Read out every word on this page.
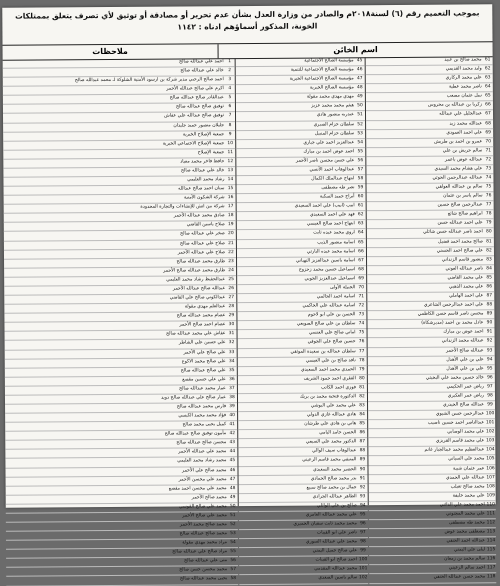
بموجب التعميم رقم (٦) لسنة٢٠١٨م والصادر من وزارة العدل بشأن عدم تحرير أو مصادقة أو توثيق لأي تصرف يتعلق بممتلكات
الخونة، المذكور أسماؤهم ادناه : ١١٤٢
اسم الخائن
ملاحظات
61
محمد صالح بن عبيد
62
وليد محمد القديمي
63
علي محمد الركاري
64
ناصر محمد عطية
65
نبيل عثمان مصعب
66
زكريا بن عبدالله بن محروس
67
عبدالجليل علي عبدالله
68
عبدالله محمد زيد
69
علي احمد العمودي
70
عمرو بن احمد بن طريش
71
سالم حريش بن علي
72
عبدالله عوض باعمر
73
علي هشام محمد السيدي
74
عبدالله عبدالرحمن الحوثي
75
سالم بن عبدالله العولقي
76
سالم ياسر بن عثمان
77
عبدالرحمن صالح حسين
78
ابراهيم صالح شائع
79
علي احمد عبدالله حسن
80
احمد ناصر عبدالله حسن شائلي
81
صالح محمد احمد فضيل
82
علي صالح احمد الحسني
83
منصور قاسم الزنداني
84
ناصر عبدالله العوني
85
علي محمد القاضي
86
علي محمد الذهبي
87
علي احمد الهاملي
88
علي احمد عبدالرحمن الشاعري
89
محسن ناصر قاسم حسن الكاظمي
90
عادل محمد بن احمد (مديرشكاة)
91
احمد عوض بن مبارك
92
عبدالله محمد الزنداني
93
عبدالله صالح الأحمر
94
علي بن علي الأهدل
95
علي بن علي الأهدل
96
خالد حسين محمد علي البخيتي
97
رياض عمر الحكيمي
98
رياض عمر العكبري
99
عبدالله صالح الحيدري
100
عبدالرحمن حسن الشيوي
101
عبدالناصر احمد حسين ناصيب
102
علي محمد الوصابي
103
علي محمد قاسم القريزي
104
عبدالعظيم محمد عبدالجبار غانم
105
محمد علي السياني
106
عمر عثمان شيبة
107
عبدالله علي الحمدي
108
محمد صالح تغيلب
109
علي محمد خليفة
110
احمد محمد علي الدائني
111
علي محمد المجنوني
112
محمد طه مصطفى
113
مصطفى محمد عوض
114
عبدالله احمد الحنفي
115
ليلى علي اليمني
116
سالم محمد بن زمعان
117
احمد سالم الرعيني
118
محمد حسن عبدالله الحنفي
45
مؤسسة الصالح الاجتماعية
46
مؤسسة الصالح الاجتماعية للتنمية
47
مؤسسة الصالح الاجتماعية الخيرية
48
مؤسسة الصالح الخيرية
49
مهدي مهدي محمد مقولة
50
هيثم محمد محمد عزيز
51
عبدربه منصور هادي
52
سلطان حزام الصبري
53
سلطان حزام المنبيل
54
عبدالعزيز احمد علي جباري
55
احمد عوض احمد بن مبارك
56
علي حسن محسن ناصر الأحمر
57
عبدالوهاب احمد الآنسي
58
ابتهاج عبدالملك الكمال
59
نصر طه مصطفى
60
أبراج حميد السكبة
61
ابيب (ابيب) علي احمد السعيدي
62
فهد علي احمد السعيدي
63
ابتهاج احمد صالح العيسي
64
اروي محمد عبده ثابت
65
اسامة منصور الذيب
66
اسامة محمد عبده البارتي
67
اسامة ياسين عبدالعزيز النهباني
68
اسماعيل حسين محمد زحزوح
69
اسماعيل عبدالعزيز الجوبي
70
الجبيلة الأولى
71
اسامة احمد الحالمي
72
اسامة عبدالله علي الحاكمي
73
الحسن ين علي ابو لاحوم
74
سلطان ين علي صالح الصويعي
75
اماني صالح علي العنسي
76
حسين صالح علي الجوفي
77
سلطان عبدالله ين سعيدة الموثقي
78
نافد صالح بن علي العيسي
79
الحمدي محمد احمد السعيدي
80
الفقري احمد حمود الشريف
81
فوزي احمد الكاتب
82
الدكتورة فتحية محمد بن بريك
83
علي محمد علي البوشي
84
هادي عبدالله غازي الدولي
85
هاني بن هادي علي طرشان
86
الحسن حامد اليامي
87
الدكتور محمد علي السبعي
88
عبدالوهاب سيف الوالي
89
المنيفي محمد قاسم الرعيني
90
الحضير محمد السعيدي
91
بدر محمد صالح الحمادي
92
جمال ين محمد صالح سبيع
93
الطاهر عبدالله الجرادي
94
صالح بن علي الوائلي
95
علي محمد عبدالله العامري
96
محمد محمد ثابت سفيان الحميري
97
ناصر علي ابو القيبات
98
محمد علي عبدالله السوري
99
علي صالح جميل اليمني
100
احمد صالح ابو القيبات
101
محمد عبدالله المقدمي
102
سالم ياسين الصعدي
1
احمد علي عبدالله صالح
2
خالد علي عبدالله صالح
3
احمد صالح الرحبي مدير شركة بن ارسود الأمنية الشلوكة لـ محمد عبدالله صالح
4
اكرم علي صالح عبدالله الأحمر
5
عبدالقادر صالح عبدالله صالح
6
توفيق صالح عبدالله صالح
7
توفيق صالح عبدالله علي عفاش
8
جليلان منصور حميد جليدان
9
جمعية الإصلاح الخيرية
10
جمعية الإصلاح الاجتماعي الخيرية
11
جمعية الإصلاح
12
حافظ فاخر محمد معياد
13
خالد علي عبدالله صالح
14
رشاد محمد العليمي
15
سنان احمد صالح عبدالله
16
شركة الشكون الأمنية
17
شركة بين اتش للإنشاءات والتجارة المحدودة
18
صادق محمد عبدالله الأحمر
19
صلاح ياسين القاضي
20
صخر علي عبدالله صالح
21
صلاح علي عبدالله صالح
22
صلاح علي عبدالله الأحمر
23
طارق محمد عبدالله صالح
24
طارق محمد عبدالله صالح الأحمر
25
عبدالحفيظ رشاد محمد العليمي
26
عبدالله صالح عبدالله الأحمر
27
عبدالكوني صالح علي القاضي
28
عبدالعلم مهدي مقولة
29
عصام محمد عبدالله صالح
30
عصام احمد صالح الأحمر
31
عفاش علي محمد عبدالله صالح
32
علي حسين علي الشاطر
33
علي صالح علي الأحمر
34
علي صالح محمد الاكوع
35
علي صالح عبدالله صالح
36
علي علي حسين مقصع
37
عمار محمد عبدالله صالح
38
عمار صالح علي عبدالله صالح دويد
39
فارس محمد عبدالله صالح
40
فؤاد محمد محمد الكبسي
41
كميل يحيى محمد صالح
42
مأمون توفيق صالح عبدالله صالح
43
محسن صالح عبدالله صالح
44
محمد علي عبدالله الأحمر
45
محمد رشاد محمد العليمي
46
محمد صالح علي الأحمر
47
محمد علي محسن الأحمر
48
محمد علي محسن احمد مقصع
49
محمد صالح الأحمر
50
محمد علي صالح القوسي
51
محمد علي صالح الأحمر
52
محمد صالح محمد الأحمر
53
محمد صالح عبدالله صالح
54
مراد محمد مهدي مقولة
55
مراد صالح علي عبدالله صالح
56
منى علي عبدالله صالح
57
محمد محسن حسن صالح
58
يحيى محمد عبدالله صالح
